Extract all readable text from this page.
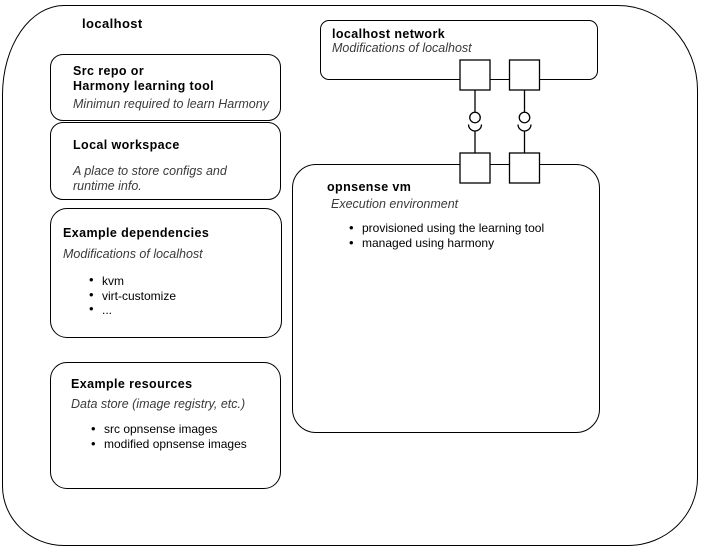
localhost
Src repo or
Harmony learning tool
Minimun required to learn Harmony
Local workspace
A place to store configs and
runtime info.
Example dependencies
Modifications of localhost
• kvm
• virt-customize
• ...
Example resources
Data store (image registry, etc.)
• src opnsense images
• modified opnsense images
localhost network
Modifications of localhost
opnsense vm
Execution environment
• provisioned using the learning tool
• managed using harmony
